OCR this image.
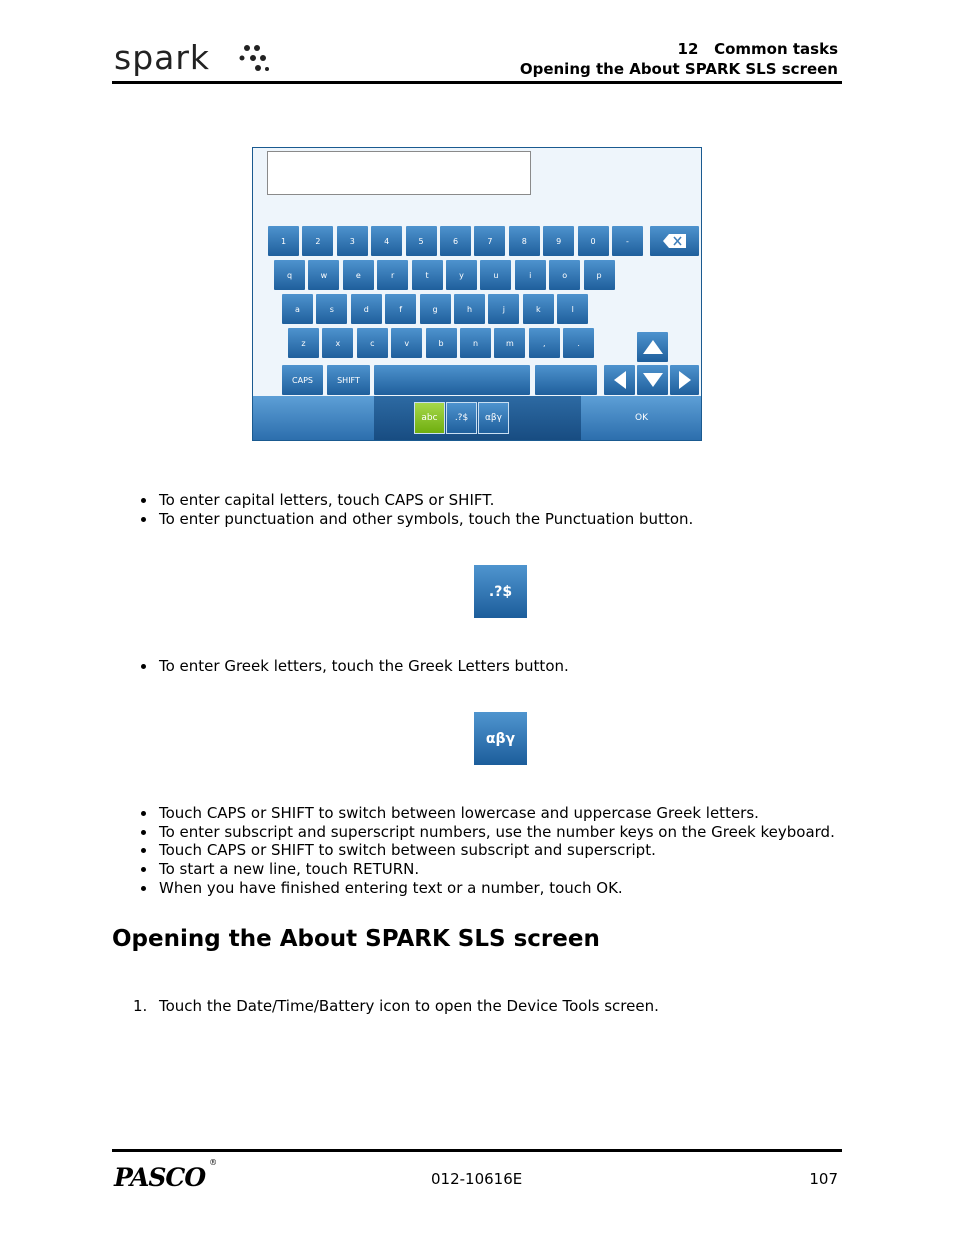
spark	12   Common tasks
Opening the About SPARK SLS screen
1	2	3	4	5	6	7	8	9	0	-
q	w	e	r	t	y	u	i	o	p
a	s	d	f	g	h	j	k	l
z	x	c	v	b	n	m	,	.
CAPS	SHIFT
abc	.?$	αβγ	OK
To enter capital letters, touch CAPS or SHIFT.
To enter punctuation and other symbols, touch the Punctuation button.
.?$
To enter Greek letters, touch the Greek Letters button.
αβγ
Touch CAPS or SHIFT to switch between lowercase and uppercase Greek letters.
To enter subscript and superscript numbers, use the number keys on the Greek keyboard.
Touch CAPS or SHIFT to switch between subscript and superscript.
To start a new line, touch RETURN.
When you have finished entering text or a number, touch OK.
Opening the About SPARK SLS screen
1. Touch the Date/Time/Battery icon to open the Device Tools screen.
PASCO®
012-10616E	107
